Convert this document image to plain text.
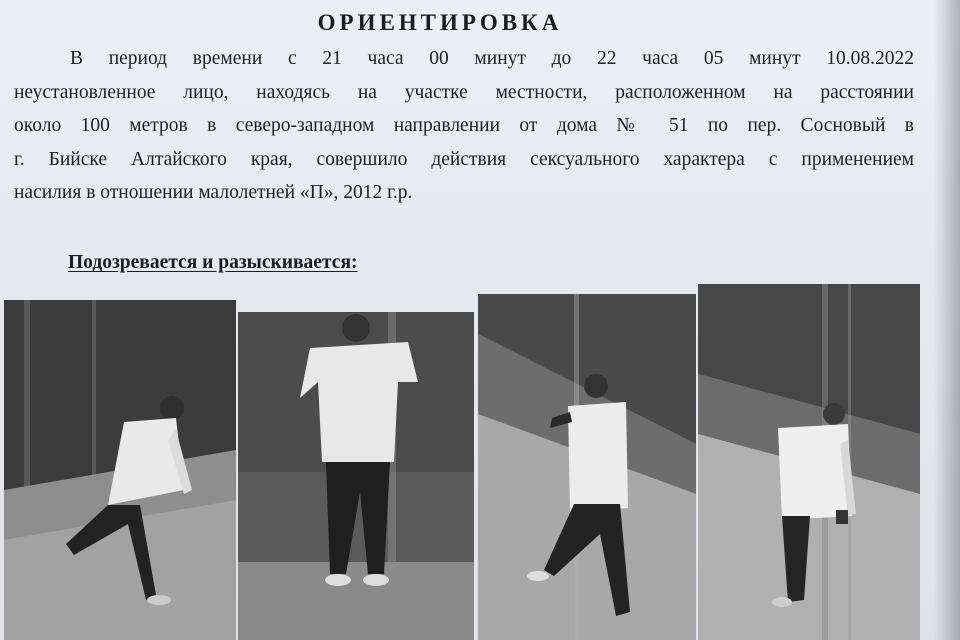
ОРИЕНТИРОВКА
В период времени с 21 часа 00 минут до 22 часа 05 минут 10.08.2022
неустановленное лицо, находясь на участке местности, расположенном на расстоянии
около 100 метров в северо-западном направлении от дома № 51 по пер. Сосновый в
г. Бийске Алтайского края, совершило действия сексуального характера с применением
насилия в отношении малолетней «П», 2012 г.р.
Подозревается и разыскивается:
